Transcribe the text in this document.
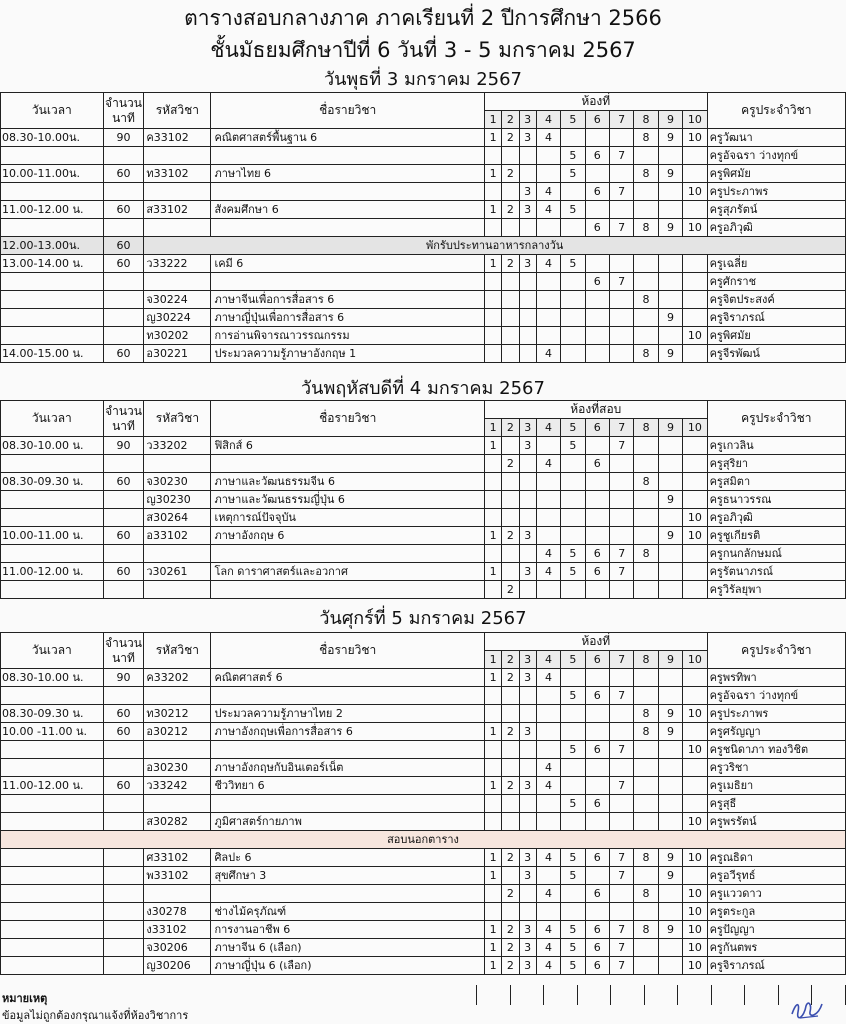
ตารางสอบกลางภาค ภาคเรียนที่ 2 ปีการศึกษา 2566
ชั้นมัธยมศึกษาปีที่ 6 วันที่ 3 - 5 มกราคม 2567
วันพุธที่ 3 มกราคม 2567
วันเวลา	จำนวน
นาที	รหัสวิชา	ชื่อรายวิชา	ห้องที่										ครูประจำวิชา
				1	2	3	4	5	6	7	8	9	10	
08.30-10.00น.	90	ค33102	คณิตศาสตร์พื้นฐาน 6	1	2	3	4				8	9	10	ครูวัฒนา
								5	6	7				ครูอัจฉรา ว่างทุกข์
10.00-11.00น.	60	ท33102	ภาษาไทย 6	1	2			5			8	9		ครูพิศมัย
						3	4		6	7			10	ครูประภาพร
11.00-12.00 น.	60	ส33102	สังคมศึกษา 6	1	2	3	4	5						ครูสุภรัตน์
									6	7	8	9	10	ครูอภิวุฒิ
12.00-13.00น.	60	พักรับประทานอาหารกลางวัน												
13.00-14.00 น.	60	ว33222	เคมี 6	1	2	3	4	5						ครูเฉลี่ย
									6	7				ครูศักราช
		จ30224	ภาษาจีนเพื่อการสื่อสาร 6								8			ครูจิตประสงค์
		ญ30224	ภาษาญี่ปุ่นเพื่อการสื่อสาร 6									9		ครูจิราภรณ์
		ท30202	การอ่านพิจารณาวรรณกรรม										10	ครูพิศมัย
14.00-15.00 น.	60	อ30221	ประมวลความรู้ภาษาอังกฤษ 1				4				8	9		ครูจีรพัฒน์
วันพฤหัสบดีที่ 4 มกราคม 2567
วันเวลา	จำนวน
นาที	รหัสวิชา	ชื่อรายวิชา	ห้องที่สอบ										ครูประจำวิชา
				1	2	3	4	5	6	7	8	9	10	
08.30-10.00 น.	90	ว33202	ฟิสิกส์ 6	1		3		5		7				ครูเกวลิน
					2		4		6					ครูสุริยา
08.30-09.30 น.	60	จ30230	ภาษาและวัฒนธรรมจีน 6								8			ครูสมิตา
		ญ30230	ภาษาและวัฒนธรรมญี่ปุ่น 6									9		ครูธนาวรรณ
		ส30264	เหตุการณ์ปัจจุบัน										10	ครูอภิวุฒิ
10.00-11.00 น.	60	อ33102	ภาษาอังกฤษ 6	1	2	3						9	10	ครูชูเกียรติ
							4	5	6	7	8			ครูกนกลักษมณ์
11.00-12.00 น.	60	ว30261	โลก ดาราศาสตร์และอวกาศ	1		3	4	5	6	7				ครูรัตนาภรณ์
					2									ครูวิรัลยุพา
วันศุกร์ที่ 5 มกราคม 2567
วันเวลา	จำนวน
นาที	รหัสวิชา	ชื่อรายวิชา	ห้องที่										ครูประจำวิชา
				1	2	3	4	5	6	7	8	9	10	
08.30-10.00 น.	90	ค33202	คณิตศาสตร์ 6	1	2	3	4							ครูพรทิพา
								5	6	7				ครูอัจฉรา ว่างทุกข์
08.30-09.30 น.	60	ท30212	ประมวลความรู้ภาษาไทย 2								8	9	10	ครูประภาพร
10.00 -11.00 น.	60	อ30212	ภาษาอังกฤษเพื่อการสื่อสาร 6	1	2	3					8	9		ครูศรัญญา
								5	6	7			10	ครูชนิดาภา ทองวิชิต
		อ30230	ภาษาอังกฤษกับอินเตอร์เน็ต				4							ครูวริชา
11.00-12.00 น.	60	ว33242	ชีววิทยา 6	1	2	3	4			7				ครูเมธิยา
								5	6					ครูสุธี
		ส30282	ภูมิศาสตร์กายภาพ										10	ครูพรรัตน์
สอบนอกตาราง														
		ศ33102	ศิลปะ 6	1	2	3	4	5	6	7	8	9	10	ครูณธิดา
		พ33102	สุขศึกษา 3	1		3		5		7		9		ครูอวีรุทธ์
					2		4		6		8		10	ครูแววดาว
		ง30278	ช่างไม้ครุภัณฑ์										10	ครูตระกูล
		ง33102	การงานอาชีพ 6	1	2	3	4	5	6	7	8	9	10	ครูปัญญา
		จ30206	ภาษาจีน 6 (เลือก)	1	2	3	4	5	6	7			10	ครูกันตพร
		ญ30206	ภาษาญี่ปุ่น 6 (เลือก)	1	2	3	4	5	6	7			10	ครูจิราภรณ์

หมายเหตุ
ข้อมูลไม่ถูกต้องกรุณาแจ้งที่ห้องวิชาการ
